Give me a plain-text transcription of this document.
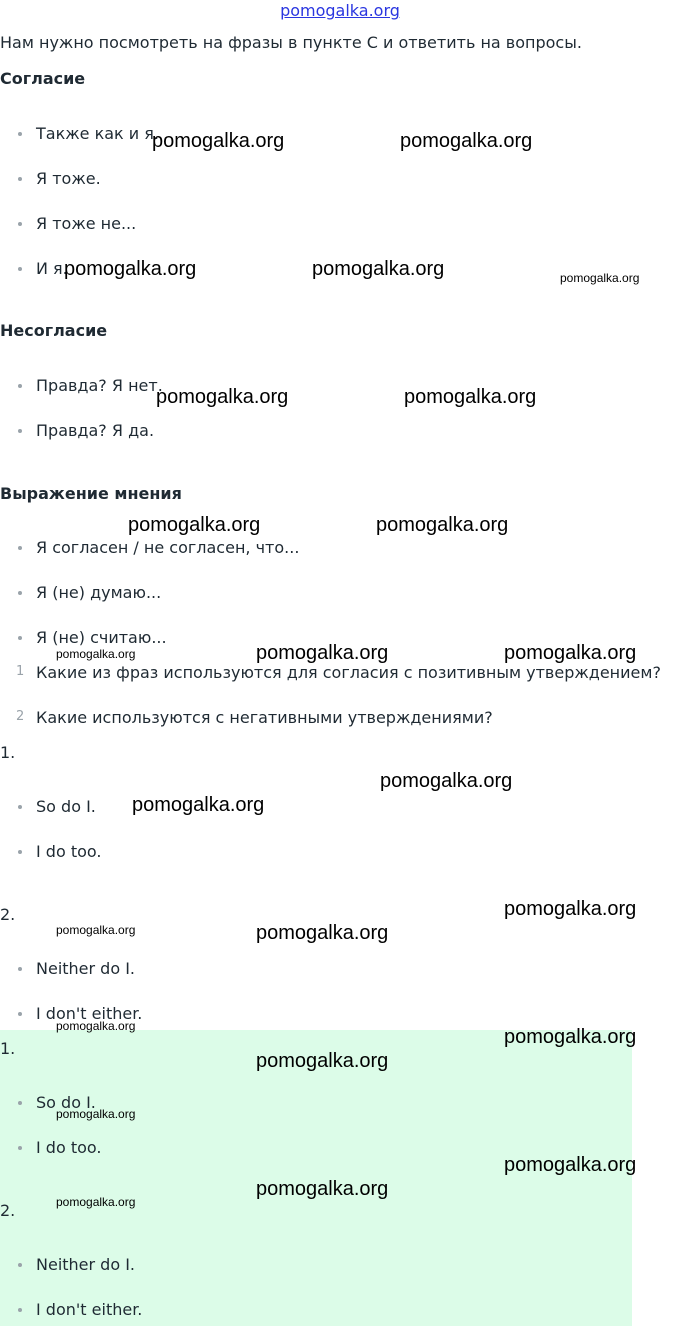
pomogalka.org
Нам нужно посмотреть на фразы в пункте С и ответить на вопросы.
Согласие
Также как и я.
Я тоже.
Я тоже не...
И я.
Несогласие
Правда? Я нет.
Правда? Я да.
Выражение мнения
Я согласен / не согласен, что...
Я (не) думаю...
Я (не) считаю...
1 Какие из фраз используются для согласия с позитивным утверждением?
2 Какие используются с негативными утверждениями?
1.
So do I.
I do too.
2.
Neither do I.
I don't either.
1.
So do I.
I do too.
2.
Neither do I.
I don't either.
pomogalka.org	pomogalka.org
pomogalka.org	pomogalka.org	pomogalka.org
pomogalka.org	pomogalka.org
pomogalka.org	pomogalka.org
pomogalka.org	pomogalka.org	pomogalka.org
pomogalka.org
pomogalka.org
pomogalka.org
pomogalka.org	pomogalka.org
pomogalka.org	pomogalka.org
pomogalka.org
pomogalka.org
pomogalka.org
pomogalka.org
pomogalka.org
